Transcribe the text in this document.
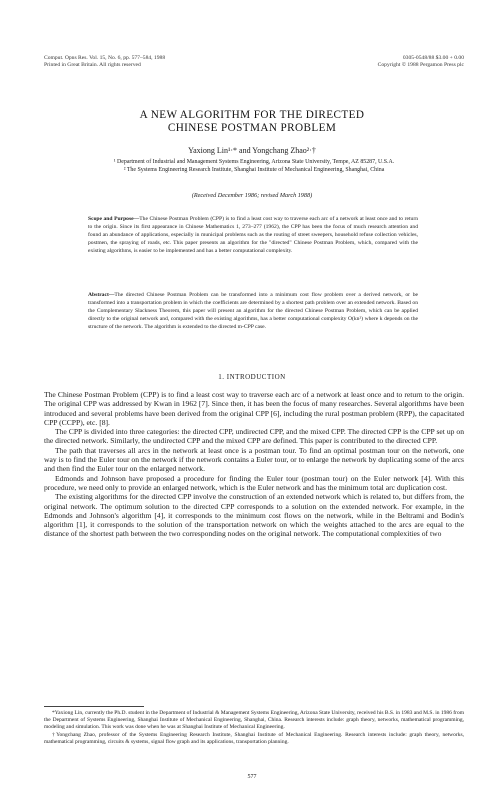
Comput. Opns Res. Vol. 15, No. 6, pp. 577–584, 1988
Printed in Great Britain. All rights reserved
0305-0548/88 $3.00 + 0.00
Copyright © 1988 Pergamon Press plc
A NEW ALGORITHM FOR THE DIRECTED
CHINESE POSTMAN PROBLEM
Yaxiong Lin¹·* and Yongchang Zhao²·†
¹ Department of Industrial and Management Systems Engineering, Arizona State University, Tempe, AZ 85287, U.S.A.
² The Systems Engineering Research Institute, Shanghai Institute of Mechanical Engineering, Shanghai, China
(Received December 1986; revised March 1988)
Scope and Purpose—The Chinese Postman Problem (CPP) is to find a least cost way to traverse each arc of a network at least once and to return to the origin. Since its first appearance in Chinese Mathematics 1, 273–277 (1962), the CPP has been the focus of much research attention and found an abundance of applications, especially in municipal problems such as the routing of street sweepers, household refuse collection vehicles, postmen, the spraying of roads, etc. This paper presents an algorithm for the "directed" Chinese Postman Problem, which, compared with the existing algorithms, is easier to be implemented and has a better computational complexity.
Abstract—The directed Chinese Postman Problem can be transformed into a minimum cost flow problem over a derived network, or be transformed into a transportation problem in which the coefficients are determined by a shortest path problem over an extended network. Based on the Complementary Slackness Theorem, this paper will present an algorithm for the directed Chinese Postman Problem, which can be applied directly to the original network and, compared with the existing algorithms, has a better computational complexity O(kn²) where k depends on the structure of the network. The algorithm is extended to the directed m-CPP case.
1. INTRODUCTION

The Chinese Postman Problem (CPP) is to find a least cost way to traverse each arc of a network at least once and to return to the origin. The original CPP was addressed by Kwan in 1962 [7]. Since then, it has been the focus of many researches. Several algorithms have been introduced and several problems have been derived from the original CPP [6], including the rural postman problem (RPP), the capacitated CPP (CCPP), etc. [8].

The CPP is divided into three categories: the directed CPP, undirected CPP, and the mixed CPP. The directed CPP is the CPP set up on the directed network. Similarly, the undirected CPP and the mixed CPP are defined. This paper is contributed to the directed CPP.

The path that traverses all arcs in the network at least once is a postman tour. To find an optimal postman tour on the network, one way is to find the Euler tour on the network if the network contains a Euler tour, or to enlarge the network by duplicating some of the arcs and then find the Euler tour on the enlarged network.

Edmonds and Johnson have proposed a procedure for finding the Euler tour (postman tour) on the Euler network [4]. With this procedure, we need only to provide an enlarged network, which is the Euler network and has the minimum total arc duplication cost.

The existing algorithms for the directed CPP involve the construction of an extended network which is related to, but differs from, the original network. The optimum solution to the directed CPP corresponds to a solution on the extended network. For example, in the Edmonds and Johnson's algorithm [4], it corresponds to the minimum cost flows on the network, while in the Beltrami and Bodin's algorithm [1], it corresponds to the solution of the transportation network on which the weights attached to the arcs are equal to the distance of the shortest path between the two corresponding nodes on the original network. The computational complexities of two

*Yaxiong Lin, currently the Ph.D. student in the Department of Industrial & Management Systems Engineering, Arizona State University, received his B.S. in 1983 and M.S. in 1986 from the Department of Systems Engineering, Shanghai Institute of Mechanical Engineering, Shanghai, China. Research interests include: graph theory, networks, mathematical programming, modeling and simulation. This work was done when he was at Shanghai Institute of Mechanical Engineering.

†Yongchang Zhao, professor of the Systems Engineering Research Institute, Shanghai Institute of Mechanical Engineering. Research interests include: graph theory, networks, mathematical programming, circuits & systems, signal flow graph and its applications, transportation planning.

577
